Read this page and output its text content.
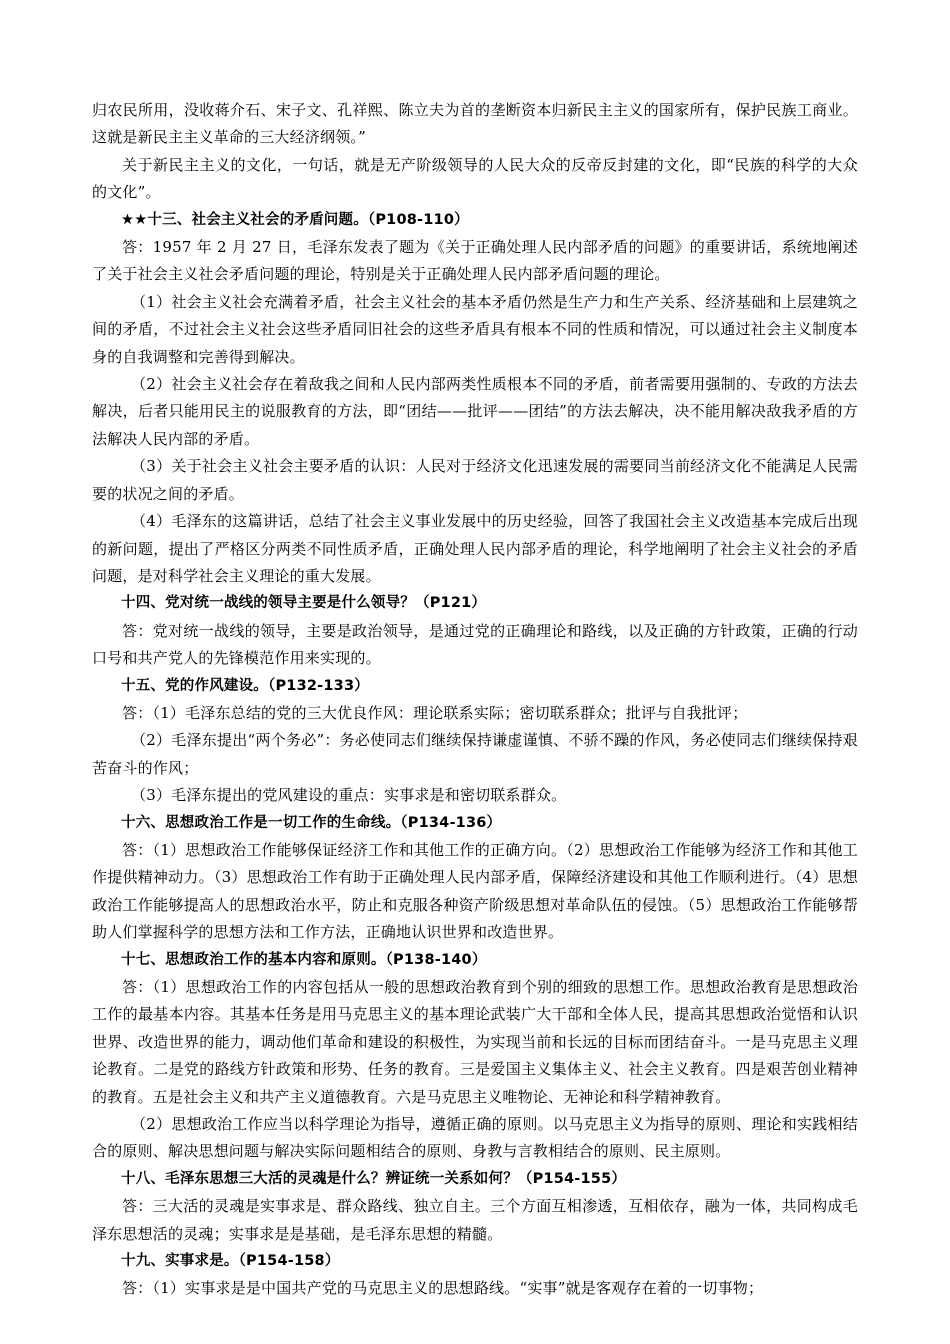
归农民所用，没收蒋介石、宋子文、孔祥熙、陈立夫为首的垄断资本归新民主主义的国家所有，保护民族工商业。这就是新民主主义革命的三大经济纲领。”

关于新民主主义的文化，一句话，就是无产阶级领导的人民大众的反帝反封建的文化，即“民族的科学的大众的文化”。

★★十三、社会主义社会的矛盾问题。（P108-110）

答：1957 年 2 月 27 日，毛泽东发表了题为《关于正确处理人民内部矛盾的问题》的重要讲话，系统地阐述了关于社会主义社会矛盾问题的理论，特别是关于正确处理人民内部矛盾问题的理论。

（1）社会主义社会充满着矛盾，社会主义社会的基本矛盾仍然是生产力和生产关系、经济基础和上层建筑之间的矛盾，不过社会主义社会这些矛盾同旧社会的这些矛盾具有根本不同的性质和情况，可以通过社会主义制度本身的自我调整和完善得到解决。

（2）社会主义社会存在着敌我之间和人民内部两类性质根本不同的矛盾，前者需要用强制的、专政的方法去解决，后者只能用民主的说服教育的方法，即“团结——批评——团结”的方法去解决，决不能用解决敌我矛盾的方法解决人民内部的矛盾。

（3）关于社会主义社会主要矛盾的认识：人民对于经济文化迅速发展的需要同当前经济文化不能满足人民需要的状况之间的矛盾。

（4）毛泽东的这篇讲话，总结了社会主义事业发展中的历史经验，回答了我国社会主义改造基本完成后出现的新问题，提出了严格区分两类不同性质矛盾，正确处理人民内部矛盾的理论，科学地阐明了社会主义社会的矛盾问题，是对科学社会主义理论的重大发展。

十四、党对统一战线的领导主要是什么领导？（P121）

答：党对统一战线的领导，主要是政治领导，是通过党的正确理论和路线，以及正确的方针政策，正确的行动口号和共产党人的先锋模范作用来实现的。

十五、党的作风建设。（P132-133）

答：（1）毛泽东总结的党的三大优良作风：理论联系实际；密切联系群众；批评与自我批评；

（2）毛泽东提出“两个务必”：务必使同志们继续保持谦虚谨慎、不骄不躁的作风，务必使同志们继续保持艰苦奋斗的作风；

（3）毛泽东提出的党风建设的重点：实事求是和密切联系群众。

十六、思想政治工作是一切工作的生命线。（P134-136）

答：（1）思想政治工作能够保证经济工作和其他工作的正确方向。（2）思想政治工作能够为经济工作和其他工作提供精神动力。（3）思想政治工作有助于正确处理人民内部矛盾，保障经济建设和其他工作顺利进行。（4）思想政治工作能够提高人的思想政治水平，防止和克服各种资产阶级思想对革命队伍的侵蚀。（5）思想政治工作能够帮助人们掌握科学的思想方法和工作方法，正确地认识世界和改造世界。

十七、思想政治工作的基本内容和原则。（P138-140）

答：（1）思想政治工作的内容包括从一般的思想政治教育到个别的细致的思想工作。思想政治教育是思想政治工作的最基本内容。其基本任务是用马克思主义的基本理论武装广大干部和全体人民，提高其思想政治觉悟和认识世界、改造世界的能力，调动他们革命和建设的积极性，为实现当前和长远的目标而团结奋斗。一是马克思主义理论教育。二是党的路线方针政策和形势、任务的教育。三是爱国主义集体主义、社会主义教育。四是艰苦创业精神的教育。五是社会主义和共产主义道德教育。六是马克思主义唯物论、无神论和科学精神教育。

（2）思想政治工作应当以科学理论为指导，遵循正确的原则。以马克思主义为指导的原则、理论和实践相结合的原则、解决思想问题与解决实际问题相结合的原则、身教与言教相结合的原则、民主原则。

十八、毛泽东思想三大活的灵魂是什么？辨证统一关系如何？（P154-155）

答：三大活的灵魂是实事求是、群众路线、独立自主。三个方面互相渗透，互相依存，融为一体，共同构成毛泽东思想活的灵魂；实事求是是基础，是毛泽东思想的精髓。

十九、实事求是。（P154-158）

答：（1）实事求是是中国共产党的马克思主义的思想路线。“实事”就是客观存在着的一切事物；
